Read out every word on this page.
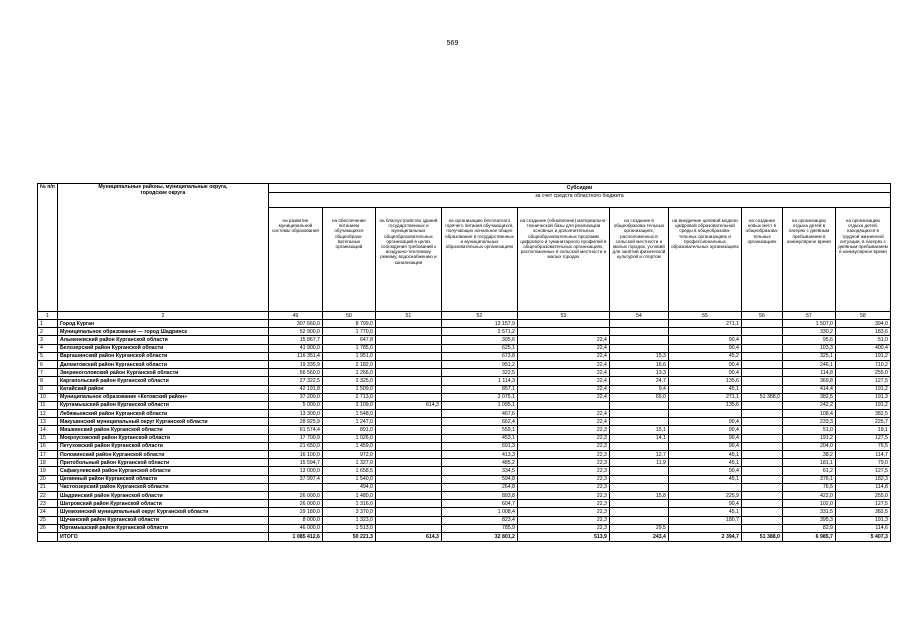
569
№ п/п	Муниципальные районы, муниципальные округа, городские округа	Субсидии									
		за счет средств областного бюджета									
		на развитие муниципальной системы образования	на обеспечение питанием обучающихся общеобразо-вательных организаций	на благоустройство зданий государственных и муниципальных общеобразовательных организаций в целях соблюдения требований к воздушно-тепловому режиму, водоснабжению и канализации	на организацию бесплатного горячего питания обучающихся, получающих начальное общее образование в государственных и муниципальных образовательных организациях	на создание (обновление) материально-технической базы для реализации основных и дополнительных общеобразовательных программ цифрового и гуманитарного профилей в общеобразовательных организациях, расположенных в сельской местности и малых городах	на создание в общеобразова-тельных организациях, расположенных в сельской местности и малых городах, условий для занятий физической культурой и спортом	на внедрение целевой модели цифровой образовательной среды в общеобразова-тельных организациях и профессиональных образовательных организациях	на создание новых мест в общеобразова-тельных организациях	на организацию отдыха детей в лагерях с дневным пребыванием в каникулярное время	на организацию отдыха детей, находящихся в трудной жизненной ситуации, в лагерях с дневным пребыванием в каникулярное время
1	2	49	50	51	52	53	54	55	56	57	58
1	Город Курган	307 660,0	8 799,0		13 157,9			271,1		1 507,0	394,0
2	Муниципальное образование — город Шадринск	52 900,0	1 770,0		2 571,2					330,2	183,6
3	Альменевский район Курганской области	15 867,7	647,8		305,6	22,4		90,4		95,6	51,0
4	Белозерский район Курганской области	41 900,0	1 785,0		625,1	22,4		90,4		103,3	400,4
5	Варгашинский район Курганской области	116 351,4	1 951,0		673,8	22,4	15,3	45,2		325,1	191,2
6	Далматовский район Курганской области	19 335,9	2 182,0		951,2	22,4	16,6	90,4		246,1	710,2
7	Звериноголовский район Курганской области	56 560,0	1 266,0		322,5	22,4	13,3	90,4		114,8	255,0
8	Каргапольский район Курганской области	27 322,5	3 325,0		1 114,3	22,4	24,7	135,6		369,8	127,5
9	Катайский район	42 191,8	1 509,0		857,1	22,4	9,4	45,1		414,4	191,2
10	Муниципальное образование «Кетовский район»	37 200,0	2 713,0		2 075,1	22,4	65,0	271,1	51 388,0	382,5	191,3
11	Куртамышский район Курганской области	5 000,0	3 109,0	614,3	1 095,1			135,6		242,2	191,2
12	Лебяжьевский район Курганской области	13 300,0	1 548,0		467,6	22,4				108,4	382,5
13	Макушинский муниципальный округ Курганской области	28 925,9	1 247,0		662,4	22,4		90,4		233,3	225,7
14	Мишкинский район Курганской области	61 574,4	891,0		559,1	22,3	15,1	90,4		51,0	19,1
15	Мокроусовский район Курганской области	17 700,9	1 026,0		453,1	22,3	14,1	90,4		191,2	127,5
16	Петуховский район Курганской области	21 650,0	1 459,0		691,3	22,3		90,4		204,0	76,5
17	Половинский район Курганской области	16 100,0	972,0		413,3	22,3	12,7	45,1		38,2	114,7
18	Притобольный район Курганской области	15 594,7	1 327,0		485,2	22,3	11,9	45,1		181,1	79,0
19	Сафакулевский район Курганской области	13 000,0	1 658,5		334,5	22,3		90,4		61,2	127,5
20	Целинный район Курганской области	37 997,4	1 540,0		594,8	22,3		45,1		376,1	182,3
21	Частоозерский район Курганской области		494,0		264,8	22,3				76,5	114,8
22	Шадринский район Курганской области	26 000,0	1 480,0		893,8	22,3	15,8	225,9		422,0	255,0
23	Шатровский район Курганской области	26 000,0	1 316,0		604,7	22,3		90,4		102,0	127,5
24	Шумихинский муниципальный округ Курганской области	29 180,0	3 370,0		1 008,4	22,3		45,1		331,5	382,5
25	Щучанский район Курганской области	8 000,0	1 323,0		823,4	22,3		180,7		395,3	191,3
26	Юргамышский район Курганской области	46 000,0	1 513,0		785,9	22,3	29,5			82,9	114,6
	ИТОГО	1 085 412,6	50 221,3	614,3	32 801,2	513,9	243,4	2 394,7	51 388,0	6 985,7	5 407,3
